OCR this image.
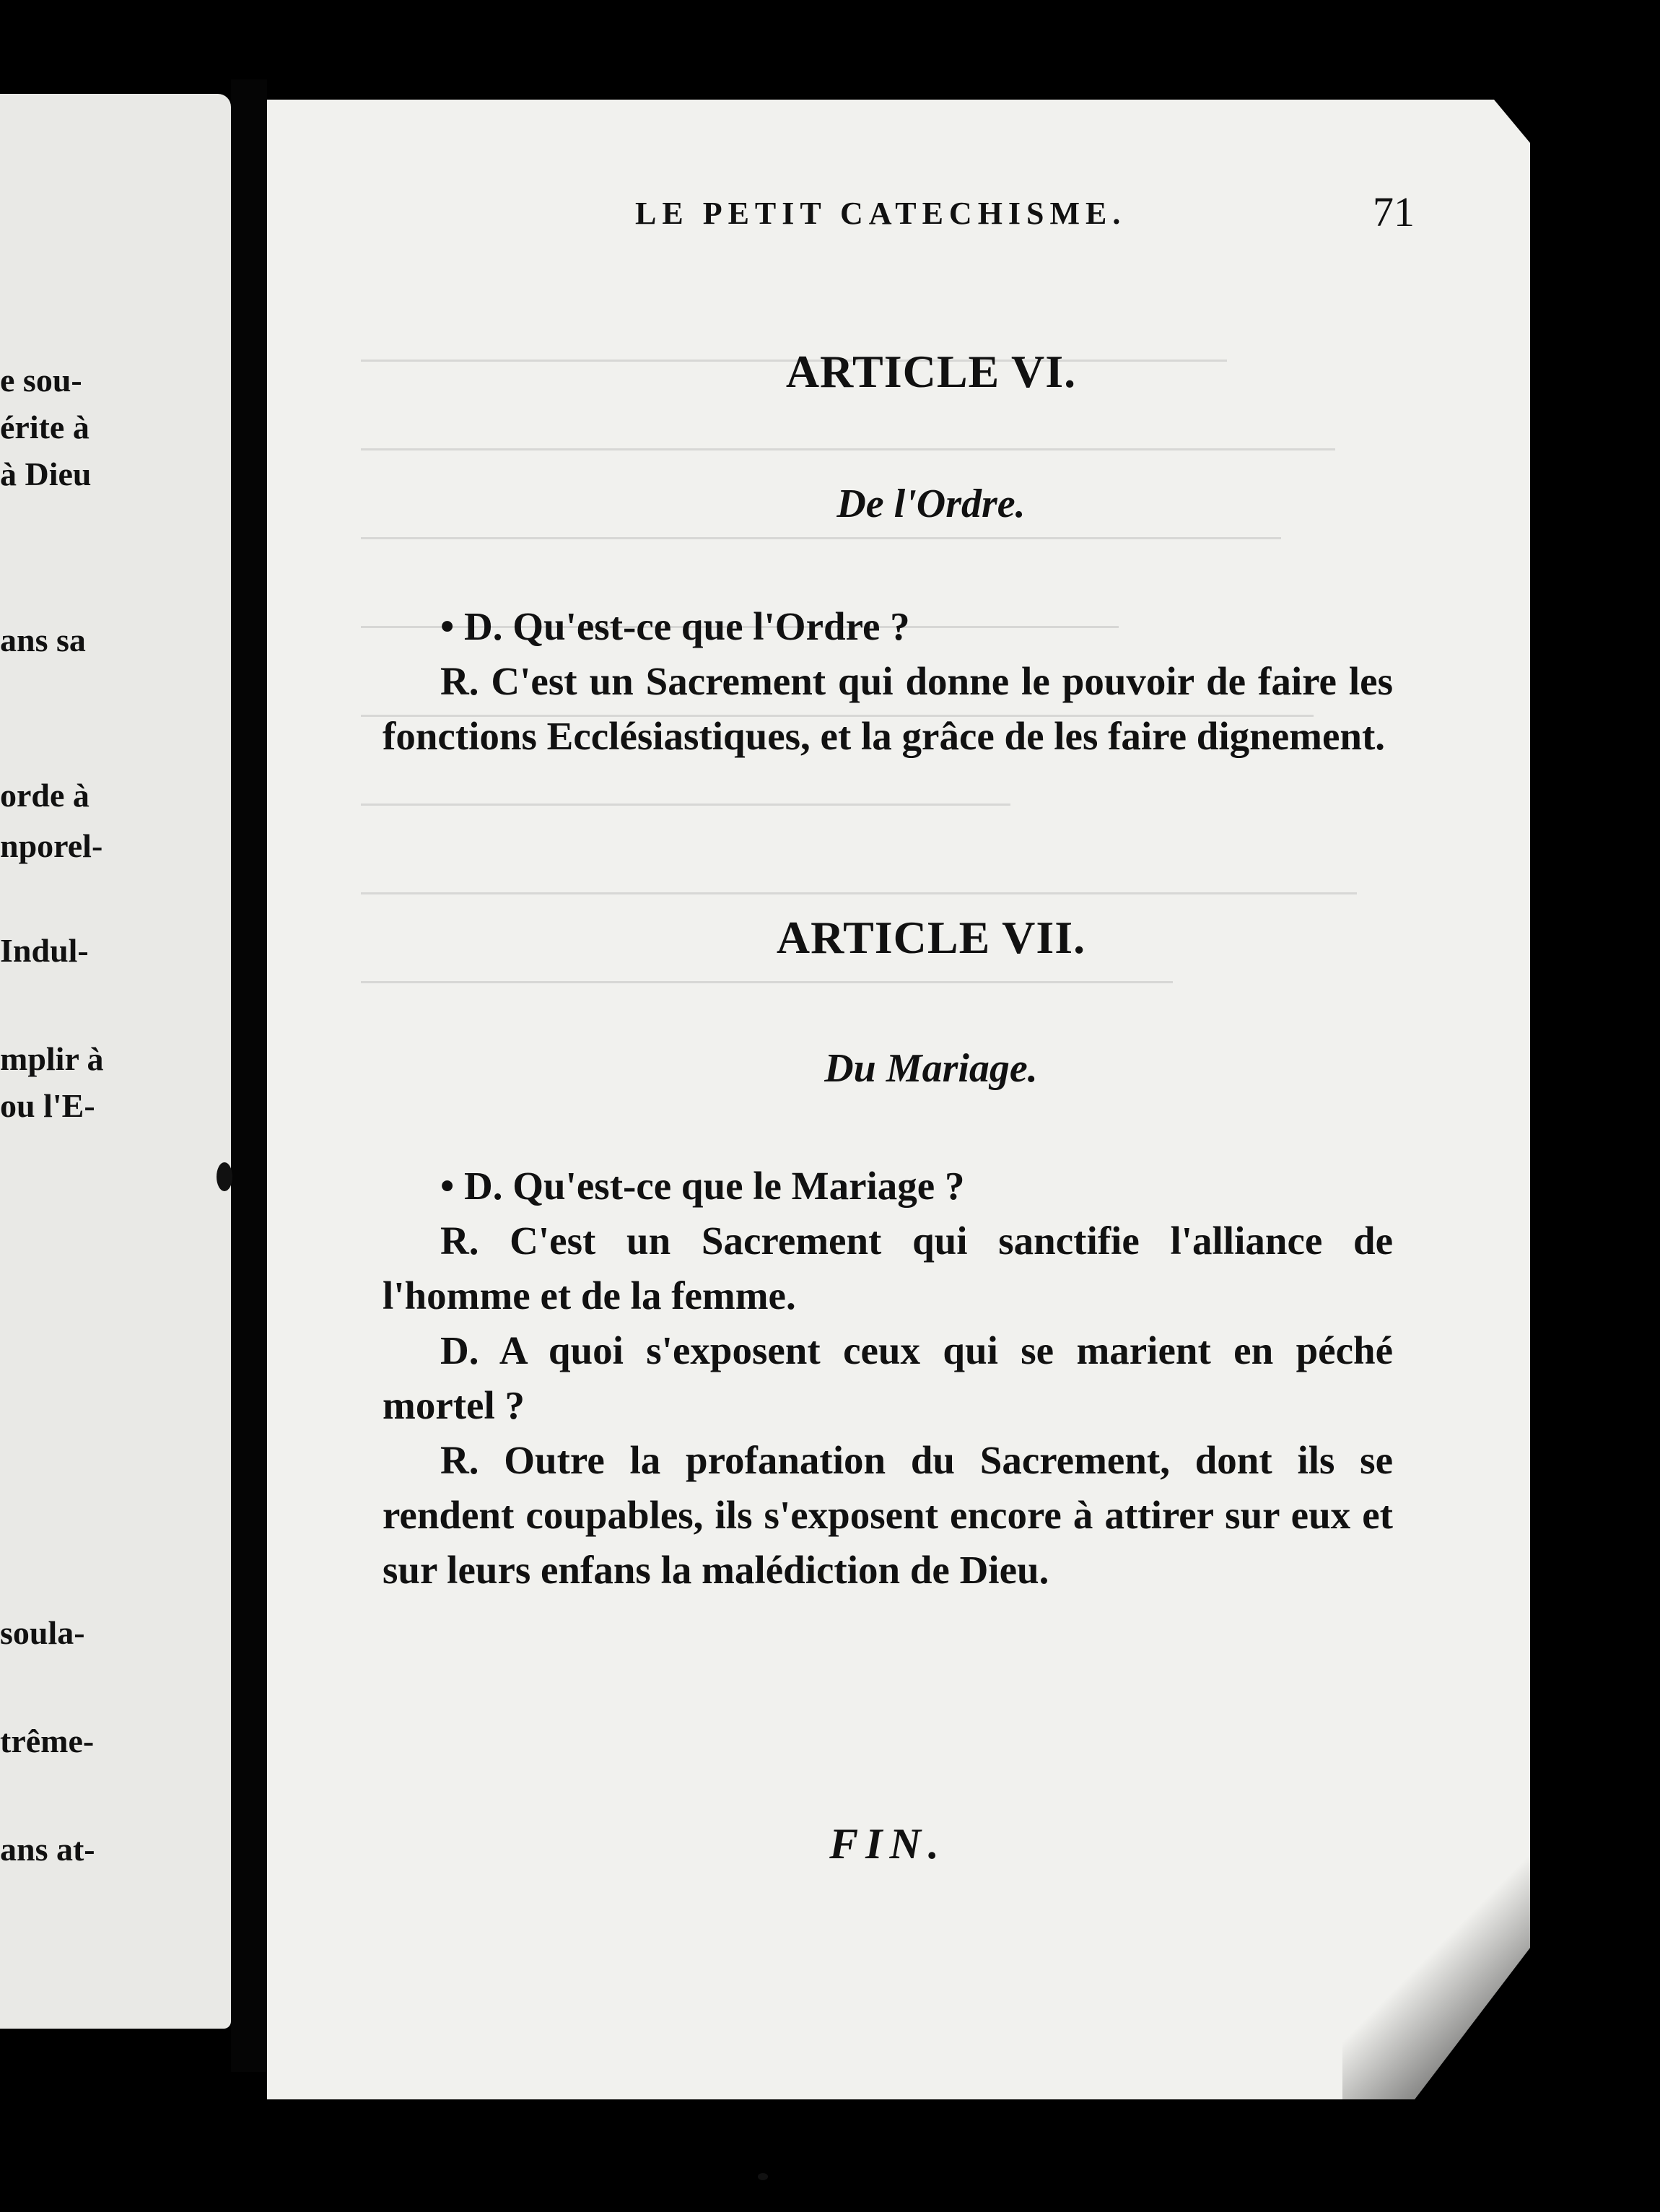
e sou-
érite à
à Dieu
ans sa
orde à
nporel-
Indul-
mplir à
ou l'E-
soula-
trême-
ans at-
LE PETIT CATECHISME.	71
ARTICLE VI.
De l'Ordre.
• D. Qu'est-ce que l'Ordre ?
R. C'est un Sacrement qui donne le pouvoir de faire les fonctions Ecclésiastiques, et la grâce de les faire dignement.
ARTICLE VII.
Du Mariage.
• D. Qu'est-ce que le Mariage ?
R. C'est un Sacrement qui sanctifie l'alliance de l'homme et de la femme.
D. A quoi s'exposent ceux qui se marient en péché mortel ?
R. Outre la profanation du Sacrement, dont ils se rendent coupables, ils s'exposent encore à attirer sur eux et sur leurs enfans la malédiction de Dieu.
FIN.
